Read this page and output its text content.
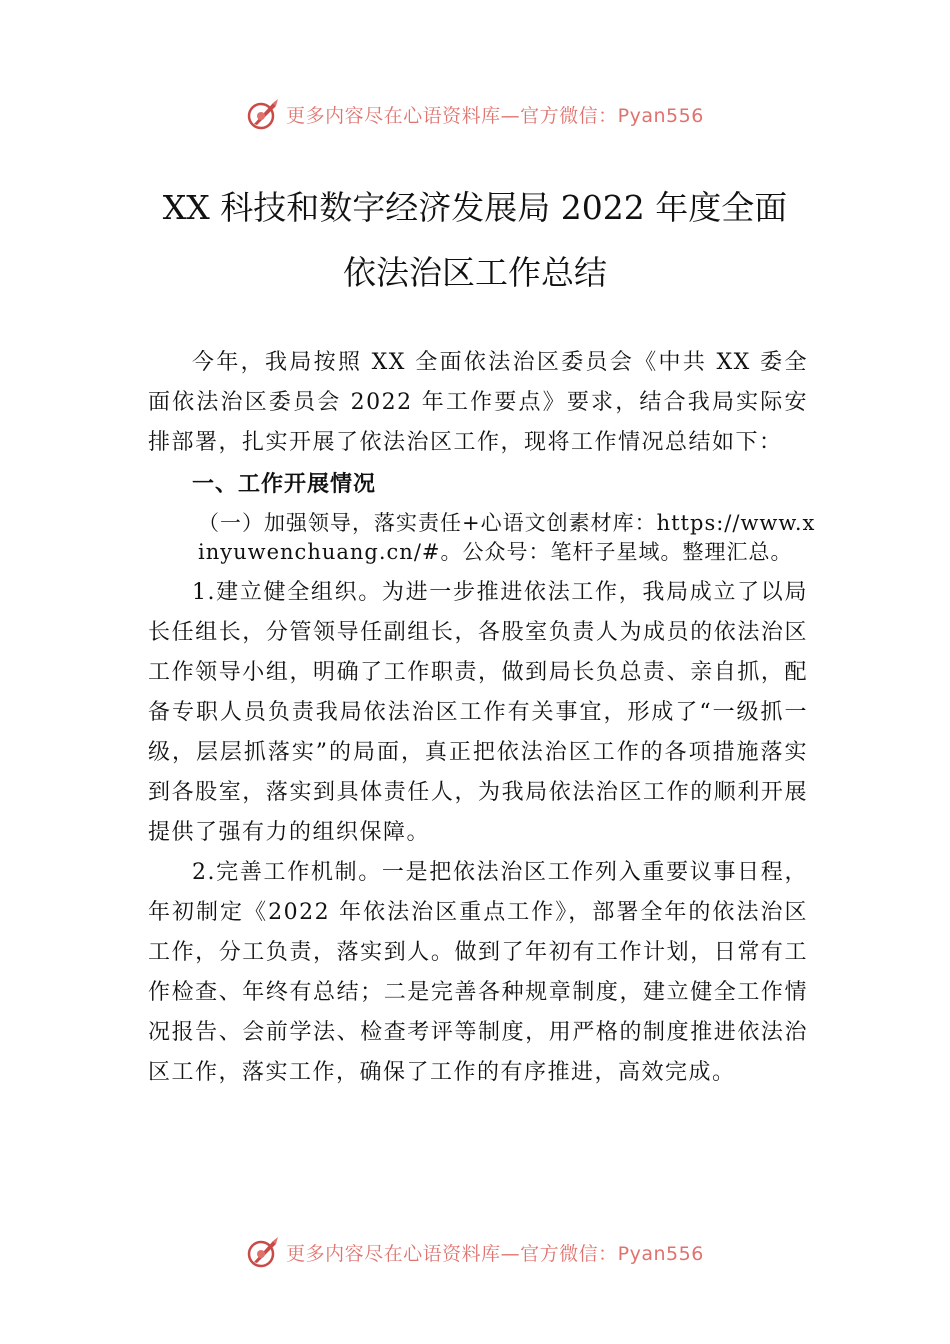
更多内容尽在心语资料库—官方微信：Pyan556
XX 科技和数字经济发展局 2022 年度全面
依法治区工作总结

今年，我局按照 XX 全面依法治区委员会《中共 XX 委全面依法治区委员会 2022 年工作要点》要求，结合我局实际安排部署，扎实开展了依法治区工作，现将工作情况总结如下：

一、工作开展情况

（一）加强领导，落实责任+心语文创素材库：https://www.xinyuwenchuang.cn/#。公众号：笔杆子星域。整理汇总。

1.建立健全组织。为进一步推进依法工作，我局成立了以局长任组长，分管领导任副组长，各股室负责人为成员的依法治区工作领导小组，明确了工作职责，做到局长负总责、亲自抓，配备专职人员负责我局依法治区工作有关事宜，形成了“一级抓一级，层层抓落实”的局面，真正把依法治区工作的各项措施落实到各股室，落实到具体责任人，为我局依法治区工作的顺利开展提供了强有力的组织保障。

2.完善工作机制。一是把依法治区工作列入重要议事日程，年初制定《2022 年依法治区重点工作》，部署全年的依法治区工作，分工负责，落实到人。做到了年初有工作计划，日常有工作检查、年终有总结；二是完善各种规章制度，建立健全工作情况报告、会前学法、检查考评等制度，用严格的制度推进依法治区工作，落实工作，确保了工作的有序推进，高效完成。

更多内容尽在心语资料库—官方微信：Pyan556
